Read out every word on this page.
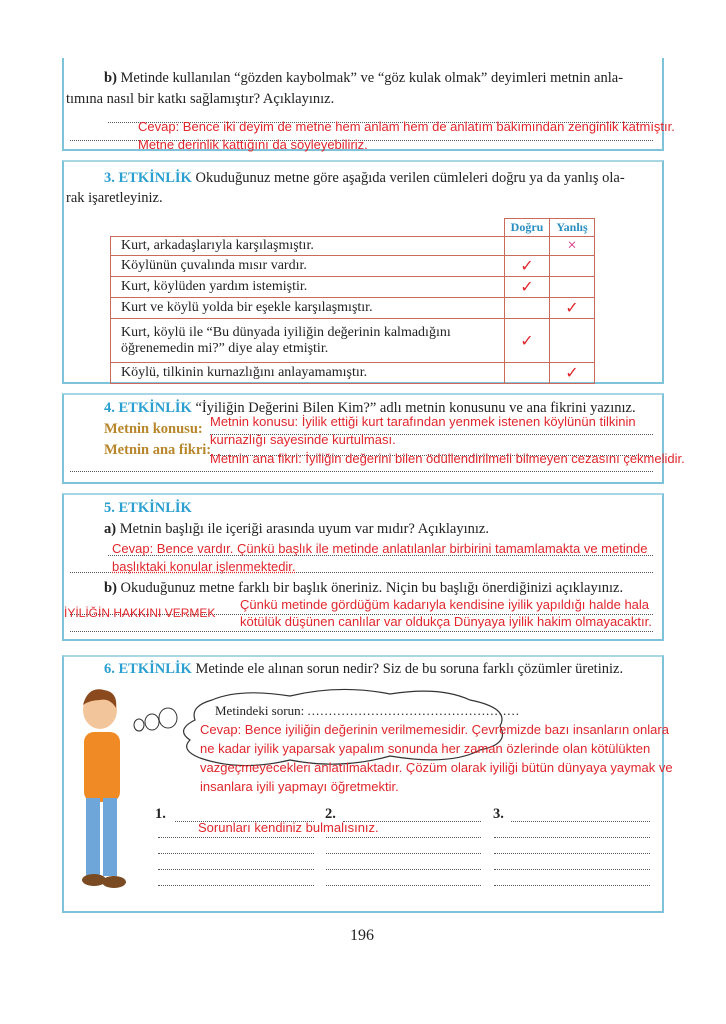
b) Metinde kullanılan “gözden kaybolmak” ve “göz kulak olmak” deyimleri metnin anla-
tımına nasıl bir katkı sağlamıştır? Açıklayınız.
Cevap: Bence iki deyim de metne hem anlam hem de anlatım bakımından zenginlik katmıştır.
Metne derinlik kattığını da söyleyebiliriz.
3. ETKİNLİK Okuduğunuz metne göre aşağıda verilen cümleleri doğru ya da yanlış ola-
rak işaretleyiniz.
	Doğru	Yanlış
Kurt, arkadaşlarıyla karşılaşmıştır.		×
Köylünün çuvalında mısır vardır.	✓	
Kurt, köylüden yardım istemiştir.	✓	
Kurt ve köylü yolda bir eşekle karşılaşmıştır.		✓
Kurt, köylü ile “Bu dünyada iyiliğin değerinin kalmadığını
öğrenemedin mi?” diye alay etmiştir.	✓	
Köylü, tilkinin kurnazlığını anlayamamıştır.		✓
4. ETKİNLİK “İyiliğin Değerini Bilen Kim?” adlı metnin konusunu ve ana fikrini yazınız.
Metnin konusu:
Metnin ana fikri:
Metnin konusu: İyilik ettiği kurt tarafından yenmek istenen köylünün tilkinin
kurnazlığı sayesinde kurtulması.
Metnin ana fikri: İyiliğin değerini bilen ödüllendirilmeli bilmeyen cezasını çekmelidir.
5. ETKİNLİK
a) Metnin başlığı ile içeriği arasında uyum var mıdır? Açıklayınız.
Cevap: Bence vardır. Çünkü başlık ile metinde anlatılanlar birbirini tamamlamakta ve metinde
başlıktaki konular işlenmektedir.
b) Okuduğunuz metne farklı bir başlık öneriniz. Niçin bu başlığı önerdiğinizi açıklayınız.
İYİLİĞİN HAKKINI VERMEK
Çünkü metinde gördüğüm kadarıyla kendisine iyilik yapıldığı halde hala
kötülük düşünen canlılar var oldukça Dünyaya iyilik hakim olmayacaktır.
6. ETKİNLİK Metinde ele alınan sorun nedir? Siz de bu soruna farklı çözümler üretiniz.
Metindeki sorun: ..................................................
Cevap: Bence iyiliğin değerinin verilmemesidir. Çevremizde bazı insanların onlara
ne kadar iyilik yaparsak yapalım sonunda her zaman özlerinde olan kötülükten
vazgeçmeyecekleri anlatılmaktadır. Çözüm olarak iyiliği bütün dünyaya yaymak ve
insanlara iyili yapmayı öğretmektir.
1.	2.	3.
Sorunları kendiniz bulmalısınız.
196
